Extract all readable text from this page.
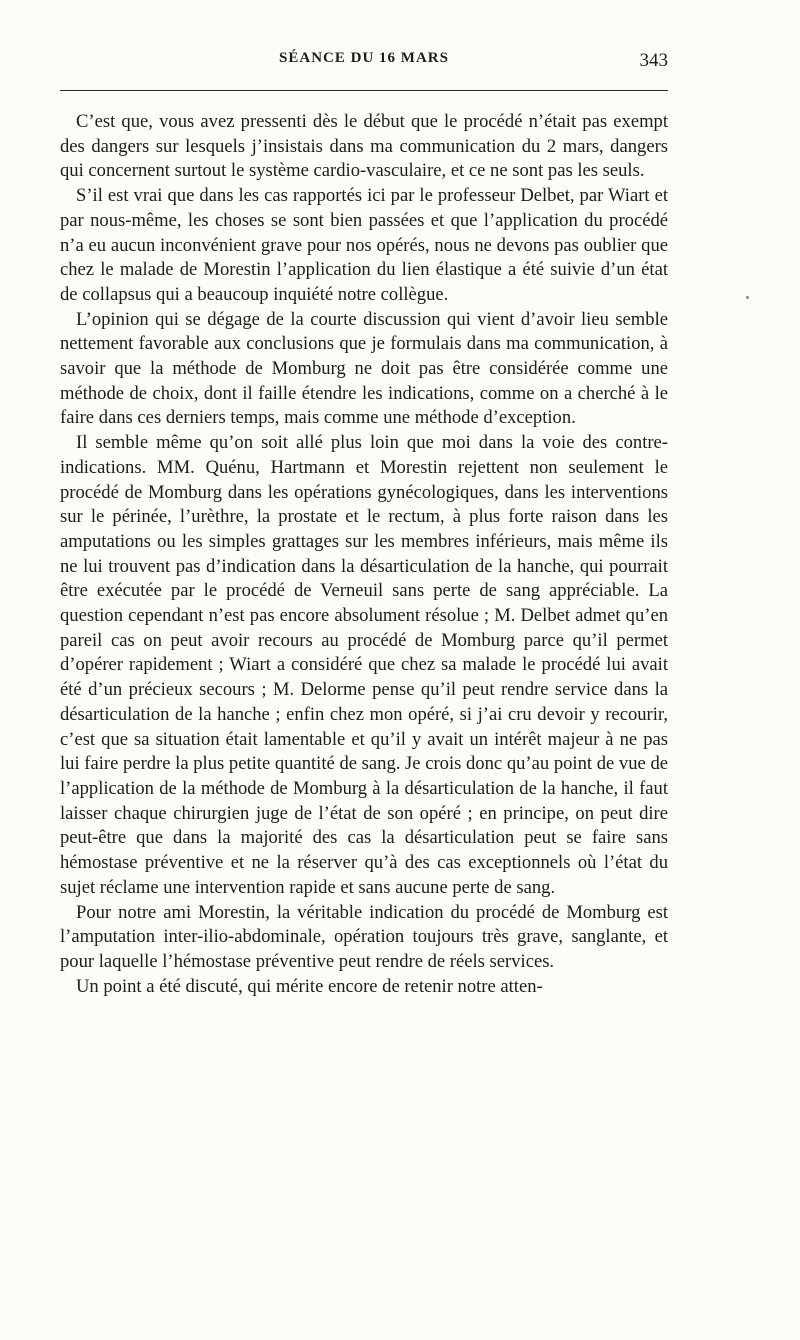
SÉANCE DU 16 MARS	343

C’est que, vous avez pressenti dès le début que le procédé n’était pas exempt des dangers sur lesquels j’insistais dans ma communication du 2 mars, dangers qui concernent surtout le système cardio-vasculaire, et ce ne sont pas les seuls.

S’il est vrai que dans les cas rapportés ici par le professeur Delbet, par Wiart et par nous-même, les choses se sont bien passées et que l’application du procédé n’a eu aucun inconvénient grave pour nos opérés, nous ne devons pas oublier que chez le malade de Morestin l’application du lien élastique a été suivie d’un état de collapsus qui a beaucoup inquiété notre collègue.

L’opinion qui se dégage de la courte discussion qui vient d’avoir lieu semble nettement favorable aux conclusions que je formulais dans ma communication, à savoir que la méthode de Momburg ne doit pas être considérée comme une méthode de choix, dont il faille étendre les indications, comme on a cherché à le faire dans ces derniers temps, mais comme une méthode d’exception.

Il semble même qu’on soit allé plus loin que moi dans la voie des contre-indications. MM. Quénu, Hartmann et Morestin rejettent non seulement le procédé de Momburg dans les opérations gynécologiques, dans les interventions sur le périnée, l’urèthre, la prostate et le rectum, à plus forte raison dans les amputations ou les simples grattages sur les membres inférieurs, mais même ils ne lui trouvent pas d’indication dans la désarticulation de la hanche, qui pourrait être exécutée par le procédé de Verneuil sans perte de sang appréciable. La question cependant n’est pas encore absolument résolue ; M. Delbet admet qu’en pareil cas on peut avoir recours au procédé de Momburg parce qu’il permet d’opérer rapidement ; Wiart a considéré que chez sa malade le procédé lui avait été d’un précieux secours ; M. Delorme pense qu’il peut rendre service dans la désarticulation de la hanche ; enfin chez mon opéré, si j’ai cru devoir y recourir, c’est que sa situation était lamentable et qu’il y avait un intérêt majeur à ne pas lui faire perdre la plus petite quantité de sang. Je crois donc qu’au point de vue de l’application de la méthode de Momburg à la désarticulation de la hanche, il faut laisser chaque chirurgien juge de l’état de son opéré ; en principe, on peut dire peut-être que dans la majorité des cas la désarticulation peut se faire sans hémostase préventive et ne la réserver qu’à des cas exceptionnels où l’état du sujet réclame une intervention rapide et sans aucune perte de sang.

Pour notre ami Morestin, la véritable indication du procédé de Momburg est l’amputation inter-ilio-abdominale, opération toujours très grave, sanglante, et pour laquelle l’hémostase préventive peut rendre de réels services.

Un point a été discuté, qui mérite encore de retenir notre atten-
